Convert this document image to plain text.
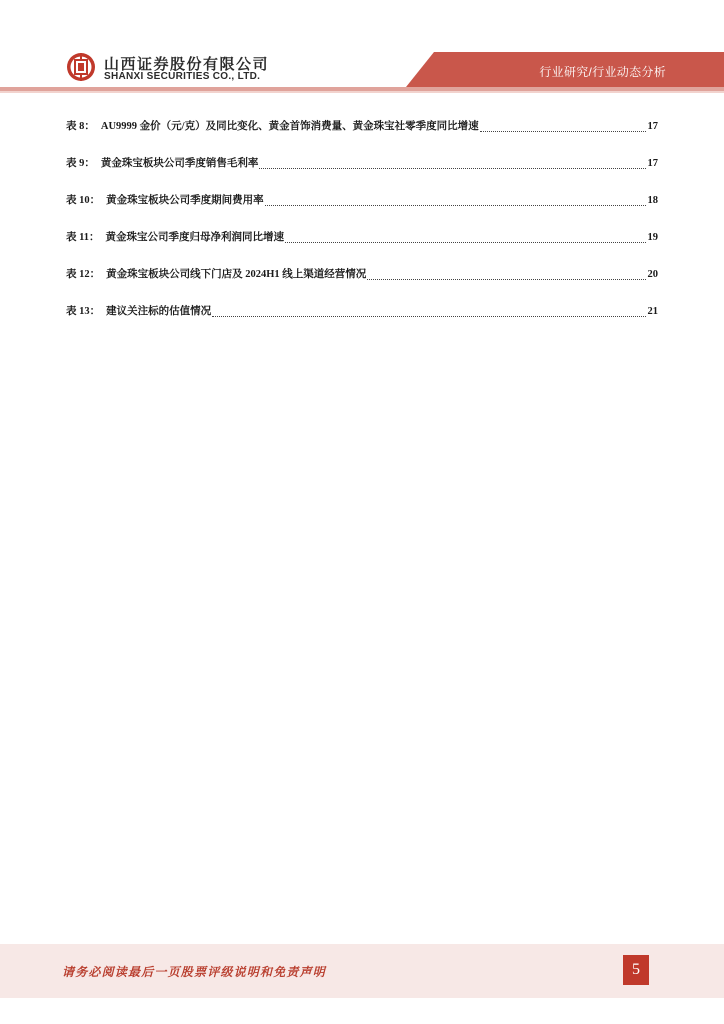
山西证券股份有限公司
SHANXI SECURITIES CO., LTD.	行业研究/行业动态分析
表 8： AU9999 金价（元/克）及同比变化、黄金首饰消费量、黄金珠宝社零季度同比增速	17
表 9： 黄金珠宝板块公司季度销售毛利率	17
表 10： 黄金珠宝板块公司季度期间费用率	18
表 11： 黄金珠宝公司季度归母净利润同比增速	19
表 12： 黄金珠宝板块公司线下门店及 2024H1 线上渠道经营情况	20
表 13： 建议关注标的估值情况	21
请务必阅读最后一页股票评级说明和免责声明	5
